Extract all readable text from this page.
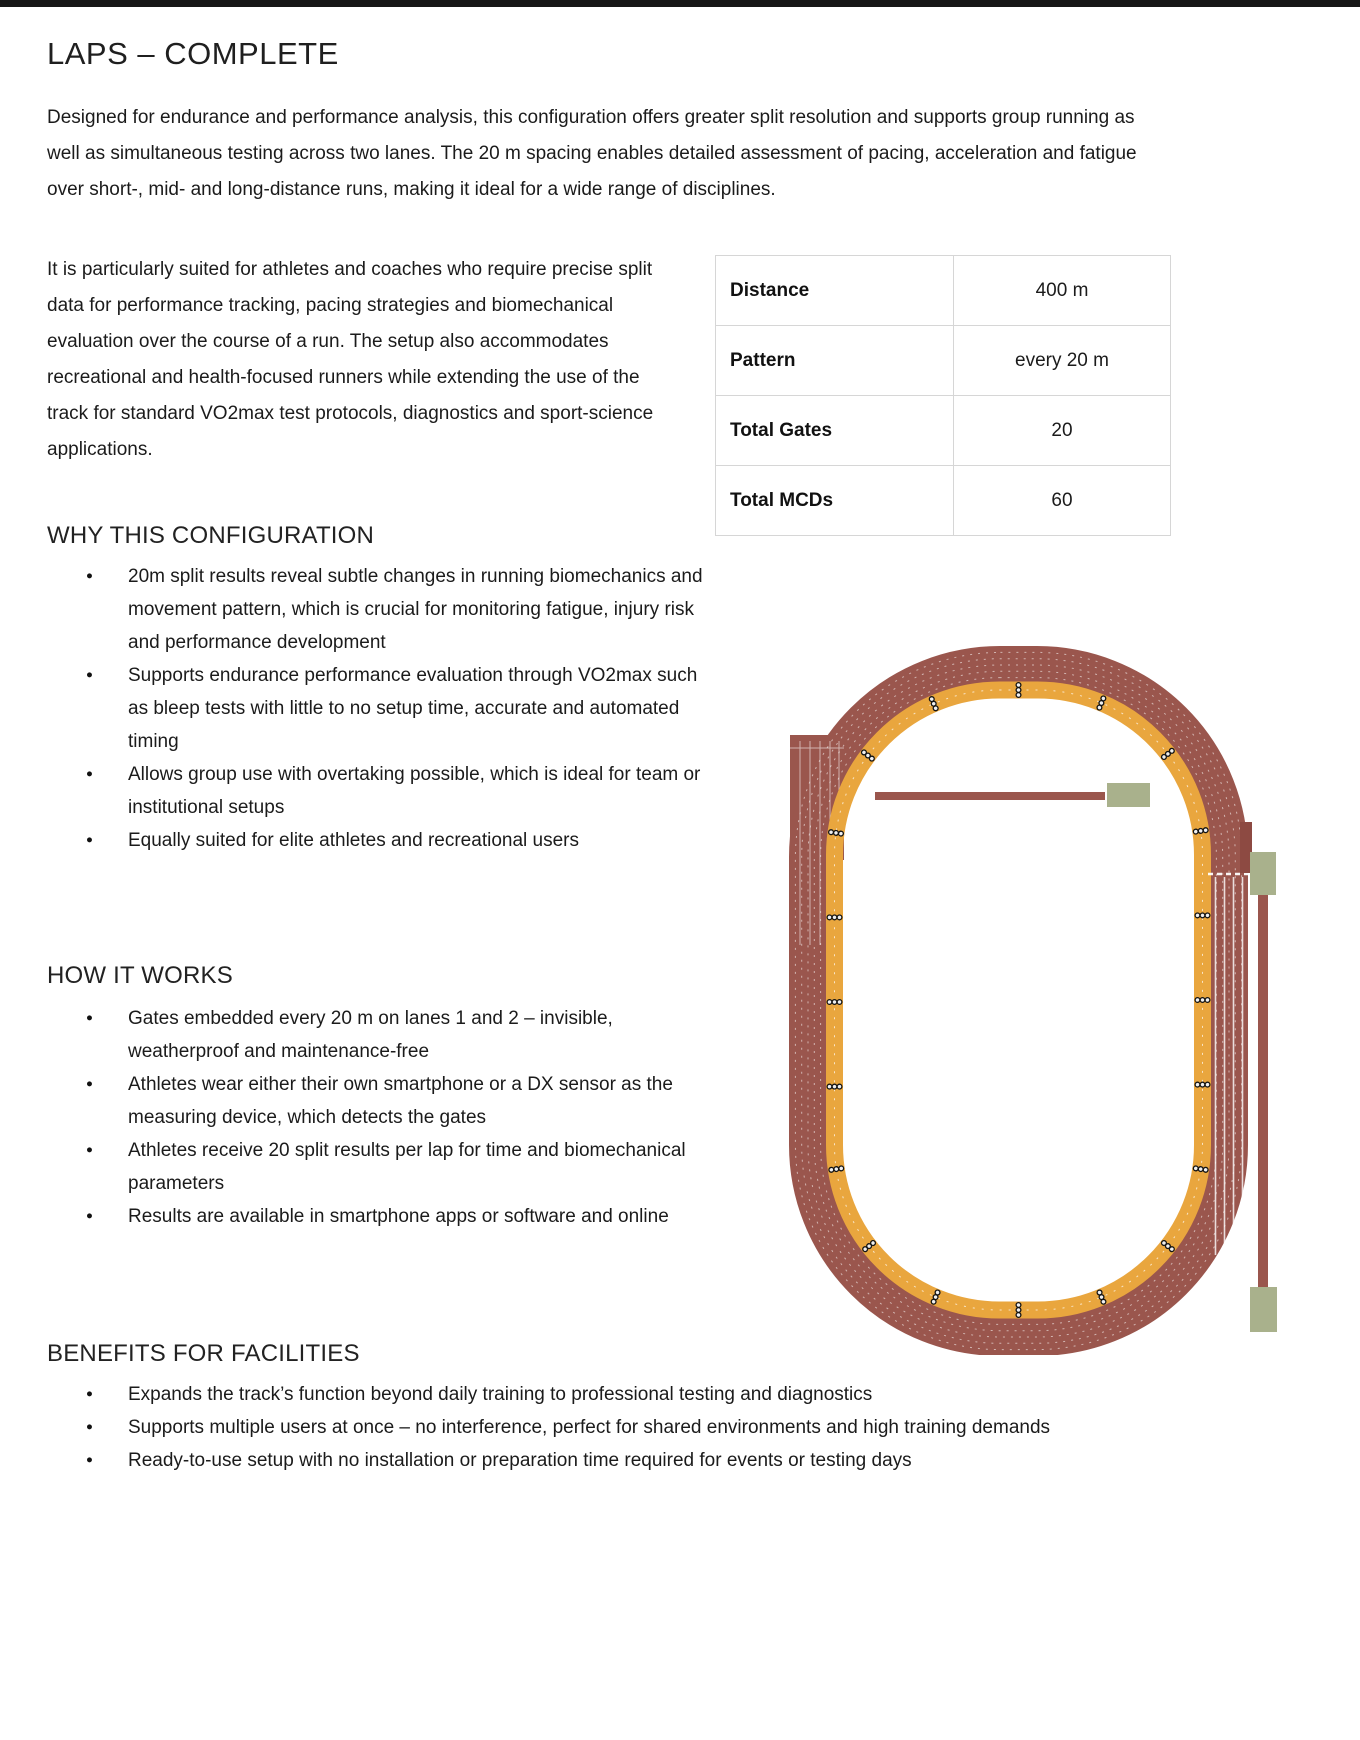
LAPS – COMPLETE

Designed for endurance and performance analysis, this configuration offers greater split resolution and supports group running as well as simultaneous testing across two lanes. The 20 m spacing enables detailed assessment of pacing, acceleration and fatigue over short-, mid- and long-distance runs, making it ideal for a wide range of disciplines.

It is particularly suited for athletes and coaches who require precise split data for performance tracking, pacing strategies and biomechanical evaluation over the course of a run. The setup also accommodates recreational and health-focused runners while extending the use of the track for standard VO2max test protocols, diagnostics and sport-science applications.

Distance	400 m
Pattern	every 20 m
Total Gates	20
Total MCDs	60
WHY THIS CONFIGURATION
● 20m split results reveal subtle changes in running biomechanics and movement pattern, which is crucial for monitoring fatigue, injury risk and performance development
● Supports endurance performance evaluation through VO2max such as bleep tests with little to no setup time, accurate and automated timing
● Allows group use with overtaking possible, which is ideal for team or institutional setups
● Equally suited for elite athletes and recreational users
HOW IT WORKS
● Gates embedded every 20 m on lanes 1 and 2 – invisible, weatherproof and maintenance-free
● Athletes wear either their own smartphone or a DX sensor as the measuring device, which detects the gates
● Athletes receive 20 split results per lap for time and biomechanical parameters
● Results are available in smartphone apps or software and online
BENEFITS FOR FACILITIES
● Expands the track’s function beyond daily training to professional testing and diagnostics
● Supports multiple users at once – no interference, perfect for shared environments and high training demands
● Ready-to-use setup with no installation or preparation time required for events or testing days
